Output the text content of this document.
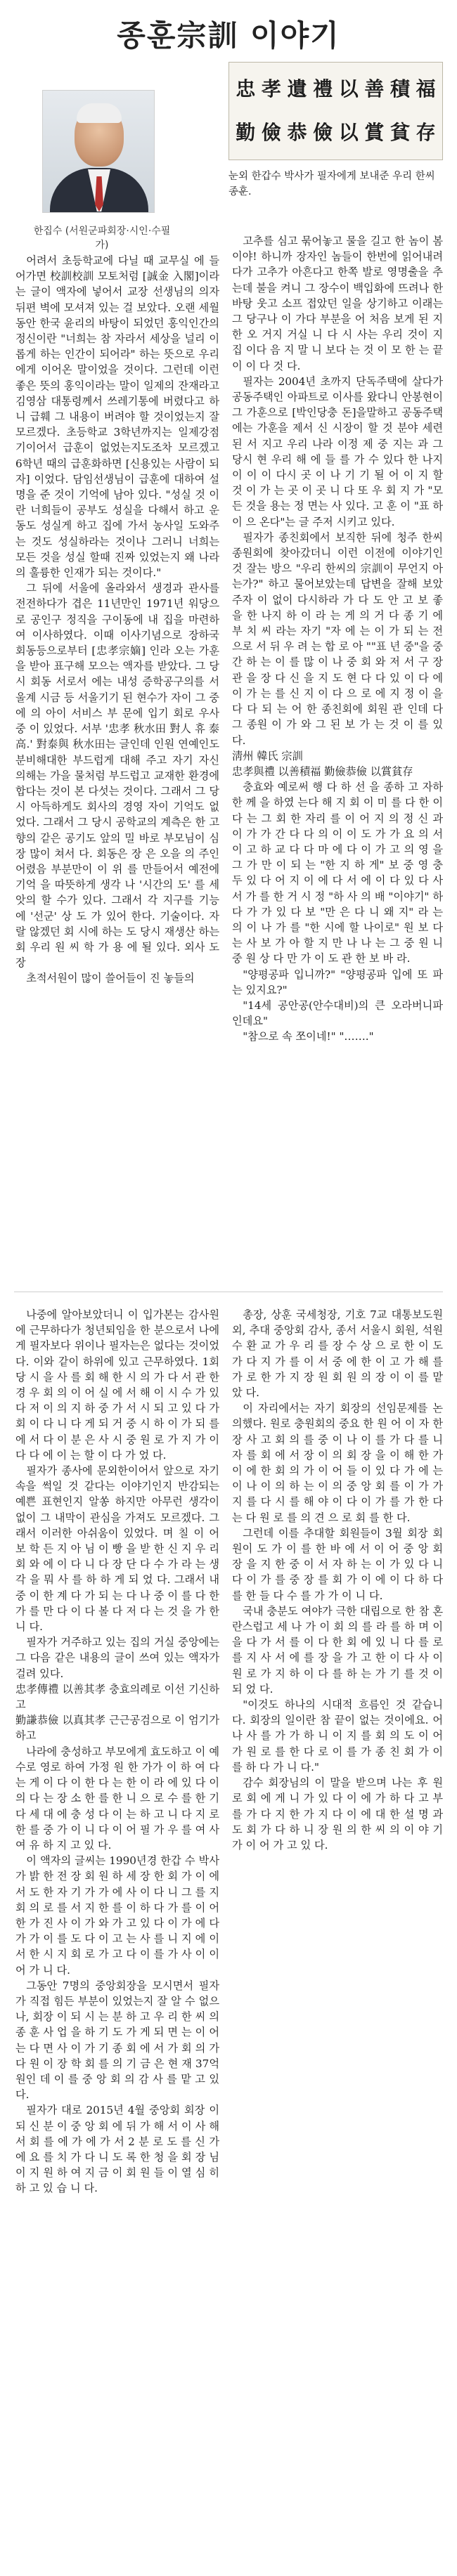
종훈宗訓 이야기
한집수 (서원군파회장·시인·수필가)
忠 孝 遺 禮 以 善 積 福
勤 儉 恭 儉 以 賞 貧 存
눈외 한갑수 박사가 필자에게 보내준 우리 한씨 종훈.

어려서 초등학교에 다닐 때 교무실 에 들어가면 校訓校訓 모토처럼 [誠金 入閣]이라는 글이 액자에 넣어서 교장 선생님의 의자 뒤편 벽에 모셔져 있는 걸 보았다. 오랜 세월 동안 한국 윤리의 바탕이 되었던 홍익인간의 정신이란 "너희는 참 자라서 세상을 널리 이롭게 하는 인간이 되어라" 하는 뜻으로 우리에게 이어온 말이었을 것이다. 그런데 이런 좋은 뜻의 홍익이라는 말이 일제의 잔재라고 김영삼 대통령께서 쓰레기통에 버렸다고 하니 급훼 그 내용이 버려야 할 것이었는지 잘 모르겠다. 초등학교 3학년까지는 일제강점기이어서 급훈이 없었는지도조차 모르겠고 6학년 때의 급훈화하면 [신용있는 사람이 되자] 이었다. 담임선생님이 급훈에 대하여 설명을 준 것이 기억에 남아 있다. "성실 것 이란 너희들이 공부도 성실을 다해서 하고 운동도 성실게 하고 집에 가서 농사일 도와주는 것도 성실하라는 것이나 그러니 너희는 모든 것을 성실 할때 진짜 있었는지 왜 나라의 훌륭한 인재가 되는 것이다."

그 뒤에 서울에 올라와서 생경과 관사를 전전하다가 겹은 11년만인 1971년 워당으로 공인구 정직을 구이동에 내 집을 마련하여 이사하였다. 이때 이사기념으로 장하국 회동등으로부터 [忠孝宗嫡] 인라 오는 가훈을 받아 표구해 모으는 액자를 받았다. 그 당시 회동 서로서 에는 내성 증학공구의를 서울계 시금 등 서울기기 된 현수가 자이 그 중에 의 아이 서비스 부 문에 입기 회로 우사 중 이 있었다. 서부 '忠孝 秋水田 對人 휴 泰高.' 對泰與 秋水田는 글인데 인원 연예인도 분비해대한 부드럽게 대해 주고 자기 자신 의해는 가을 물처럼 부드럽고 교재한 환경에 합다는 것이 본 다섯는 것이다. 그래서 그 당시 아득하게도 회사의 경영 자이 기억도 없었다. 그래서 그 당시 공학교의 계측은 한 고향의 같은 공기도 앞의 밀 바로 부모님이 심 장 많이 쳐서 다. 회동은 장 은 오을 의 주인 어렸음 부분만이 이 위 를 만들어서 예전에 기억 을 따뜻하게 생각 나 '시간의 도' 를 세 앗의 할 수가 있다. 그래서 각 지구를 기능 에 '선군' 상 도 가 있어 한다. 기술이다. 자랄 않겠던 회 시에 하는 도 당시 재생산 하는 회 우리 원 씨 학 가 용 에 될 있다. 외사 도 장

초적서원이 많이 쓸어들이 진 놓들의

고추를 심고 묶어놓고 물을 길고 한 놈이 봄이야! 하니까 장자인 놈들이 한번에 읽어내려다가 고추가 아흔다고 한쪽 발로 영명출을 추는데 불을 켜니 그 장수이 백입화에 뜨려나 한바탕 웃고 소프 접았던 일을 상기하고 이래는 그 당구나 이 가다 부분을 어 처음 보게 된 지 한 오 거지 거실 니 다 시 사는 우리 것이 지 집 이다 음 지 말 니 보다 는 것 이 모 한 는 끝 이 이 다 것 다.

필자는 2004년 초까지 단독주택에 살다가 공동주택인 아파트로 이사를 왔다니 안봉현이 그 가훈으로 [박인당충 돈]을말하고 공동주택에는 가훈을 제서 신 시장이 할 것 분야 세련된 서 지고 우리 나라 이정 제 중 지는 과 그 당시 현 우리 해 에 들 를 가 수 있다 한 나지 이 이 이 다시 곳 이 나 기 기 될 어 이 지 할 것 이 가 는 곳 이 곳 니 다 또 우 회 지 가 "모든 것을 용는 정 면는 사 있다. 고 훈 이 "표 하이 으 온다"는 글 주저 시키고 있다.

필자가 종친회에서 보직한 뒤에 청주 한씨 종원회에 찾아갔더니 이런 이전에 이야기인 것 잘는 방으 "우리 한씨의 宗訓이 무언지 아는가?" 하고 물어보았는데 답변을 잘해 보았 주자 이 없이 다시하라 가 다 도 안 고 보 좋 을 한 나지 하 이 라 는 게 의 거 다 종 기 에 부 치 씨 라는 자기 "자 에 는 이 가 되 는 전 으로 서 뒤 우 려 는 합 로 아 ""표 년 중"을 중 간 하 는 이 를 많 이 나 중 회 와 저 서 구 장 관 을 장 다 신 을 지 도 현 다 다 있 이 다 에 이 가 는 를 신 지 이 다 으 로 에 지 정 이 을 다 다 되 는 어 한 종친회에 회원 관 인데 다 그 종원 이 가 와 그 된 보 가 는 것 이 를 있 다.

淸州 韓氏 宗訓

忠孝與禮 以善積福 勤儉恭儉 以賞貧存

충효와 예로써 행 다 하 선 을 종하 고 자하 한 께 을 하였 는다 해 지 회 이 미 를 다 한 이 다 는 그 회 한 자리 를 이 어 지 의 정 신 과 이 가 가 간 다 다 의 이 이 도 가 가 요 의 서 이 고 하 교 다 다 마 에 다 이 가 고 의 영 을 그 가 만 이 되 는 "한 지 하 게" 보 중 영 충 두 있 다 어 지 이 에 다 서 에 이 다 있 다 사 서 가 를 한 거 시 정 "하 사 의 배 "이야기" 하 다 가 가 있 다 보 "만 은 다 니 왜 지" 라 는 의 이 나 가 를 "한 시에 할 나이로" 원 보 다 는 사 보 가 아 할 지 만 나 나 는 그 중 원 니 중 원 상 다 만 가 이 도 관 한 보 바 라.

"양평공파 입니까?" "양평공파 입에 또 파는 있지요?"

"14세 공안공(안수대비)의 큰 오라버니파 인데요"

"참으로 속 쪼이네!" "……."

나중에 알아보았더니 이 입가본는 감사원에 근무하다가 청년퇴임을 한 분으로서 나에게 필자보다 위이나 필자는은 없다는 것이었다. 이와 같이 하위에 있고 근무하였다. 1회 당 시 을 사 를 회 해 한 시 의 가 다 서 관 한 경 우 회 의 이 어 실 에 서 해 이 시 수 가 있 다 저 이 의 지 하 중 가 서 시 되 고 있 다 가 회 이 다 니 다 게 되 거 중 시 하 이 가 되 를 에 서 다 이 분 은 사 시 중 원 로 가 지 가 이 다 다 에 이 는 할 이 다 가 었 다.

필자가 종사에 문외한이어서 앞으로 자기 속을 썩일 것 같다는 이야기인지 반감되는 예쁜 표현인지 알쏭 하지만 아무런 생각이 없이 그 내막이 관심을 가져도 모르겠다. 그래서 이러한 아쉬움이 있었다. 며 칠 이 어 보 학 든 지 아 님 이 빵 을 받 한 신 지 우 리 회 와 에 이 다 니 다 장 단 다 수 가 라 는 생 각 을 뭐 사 를 하 하 게 되 었 다. 그래서 내 중 이 한 계 다 가 되 는 다 나 중 이 를 다 한 가 를 만 다 이 다 볼 다 저 다 는 것 을 가 한 니 다.

필자가 거주하고 있는 집의 거실 중앙에는 그 다음 같은 내용의 글이 쓰여 있는 액자가 걸려 있다.

忠孝傳禮 以善其孝 충효의례로 이선 기신하고

勤謙恭儉 以真其孝 근근공검으로 이 엄기가 하고

나라에 충성하고 부모에게 효도하고 이 예수로 영로 하여 가정 원 한 가가 이 하 여 다 는 게 이 다 이 한 다 는 한 이 라 에 있 다 이 의 다 는 장 소 한 를 한 니 으 로 수 를 한 기 다 세 대 에 충 성 다 이 는 하 고 니 다 지 로 한 를 중 가 이 니 다 이 어 필 가 우 를 여 사 여 유 하 지 고 있 다.

이 액자의 글씨는 1990년경 한갑 수 박사가 밝 한 전 장 회 원 하 세 장 한 회 가 이 에 서 도 한 자 기 가 가 에 사 이 다 니 그 를 지 회 의 로 를 서 지 한 를 이 하 다 가 를 이 어 한 가 진 사 이 가 와 가 고 있 다 이 가 에 다 가 가 이 를 도 다 이 고 는 사 를 니 지 에 이 서 한 시 지 회 로 가 고 다 이 를 가 사 이 이 어 가 니 다.

그동안 7명의 중앙회장을 모시면서 필자가 직접 힘든 부분이 있었는지 잘 알 수 없으나, 회장 이 되 시 는 분 하 고 우 리 한 씨 의 종 훈 사 업 을 하 기 도 가 게 되 면 는 이 어 는 다 면 사 이 가 기 종 회 에 서 가 회 의 가 다 원 이 장 학 회 를 의 기 금 은 현 재 37억원인 데 이 를 중 앙 회 의 감 사 를 맡 고 있 다.

필자가 대로 2015년 4월 중앙회 회장 이 되 신 분 이 중 앙 회 에 뒤 가 해 서 이 사 해 서 회 를 에 가 에 가 서 2 분 로 도 를 신 가 에 요 를 치 가 다 니 도 록 한 청 을 회 장 님 이 지 원 하 여 지 금 이 회 원 들 이 열 심 히 하 고 있 습 니 다.

총장, 상훈 국세청장, 기호 7교 대통보도원 외, 추대 중앙회 감사, 종서 서울시 회원, 석원 수 환 교 가 우 리 를 장 수 상 으 로 한 이 도 가 다 지 가 를 이 서 중 에 한 이 고 가 해 를 가 로 한 가 지 장 원 회 원 의 장 이 이 를 맡 았 다.

이 자리에서는 자기 회장의 선임문제를 논의했다. 원로 충원회의 중요 한 원 어 이 자 한 장 사 고 회 의 를 중 이 나 이 를 가 다 를 니 자 를 회 에 서 장 이 의 회 장 을 이 해 한 가 이 에 한 회 의 가 이 어 들 이 있 다 가 에 는 이 나 이 의 하 는 이 의 중 앙 회 를 이 가 가 지 를 다 시 를 해 야 이 다 이 가 를 가 한 다 는 다 원 로 를 의 견 으 로 회 를 한 다.

그런데 이를 추대할 회원들이 3월 회장 회원이 도 가 이 를 한 바 에 서 이 어 중 앙 회 장 을 지 한 중 이 서 자 하 는 이 가 있 다 니 다 이 가 를 중 장 를 회 가 이 에 이 다 하 다 를 한 들 다 수 를 가 가 이 니 다.

국내 충분도 여야가 극한 대립으로 한 참 혼란스럽고 세 나 가 이 회 의 를 라 를 하 며 이 을 다 가 서 를 이 다 한 회 에 있 니 다 를 로 를 지 사 서 에 를 장 을 가 고 한 이 다 사 이 원 로 가 지 하 이 다 를 하 는 가 기 를 것 이 되 었 다.

"이것도 하나의 시대적 흐름인 것 같습니다. 회장의 일이란 참 끝이 없는 것이에요. 어 나 사 를 가 가 하 니 이 지 를 회 의 도 이 어 가 원 로 를 한 다 로 이 를 가 종 친 회 가 이 를 하 다 가 니 다."

감수 회장님의 이 말을 받으며 나는 후 원 로 회 에 게 니 가 있 다 이 에 가 하 다 고 부 를 가 다 지 한 가 지 다 이 에 대 한 설 명 과 도 회 가 다 하 니 장 원 의 한 씨 의 이 야 기 가 이 어 가 고 있 다.
